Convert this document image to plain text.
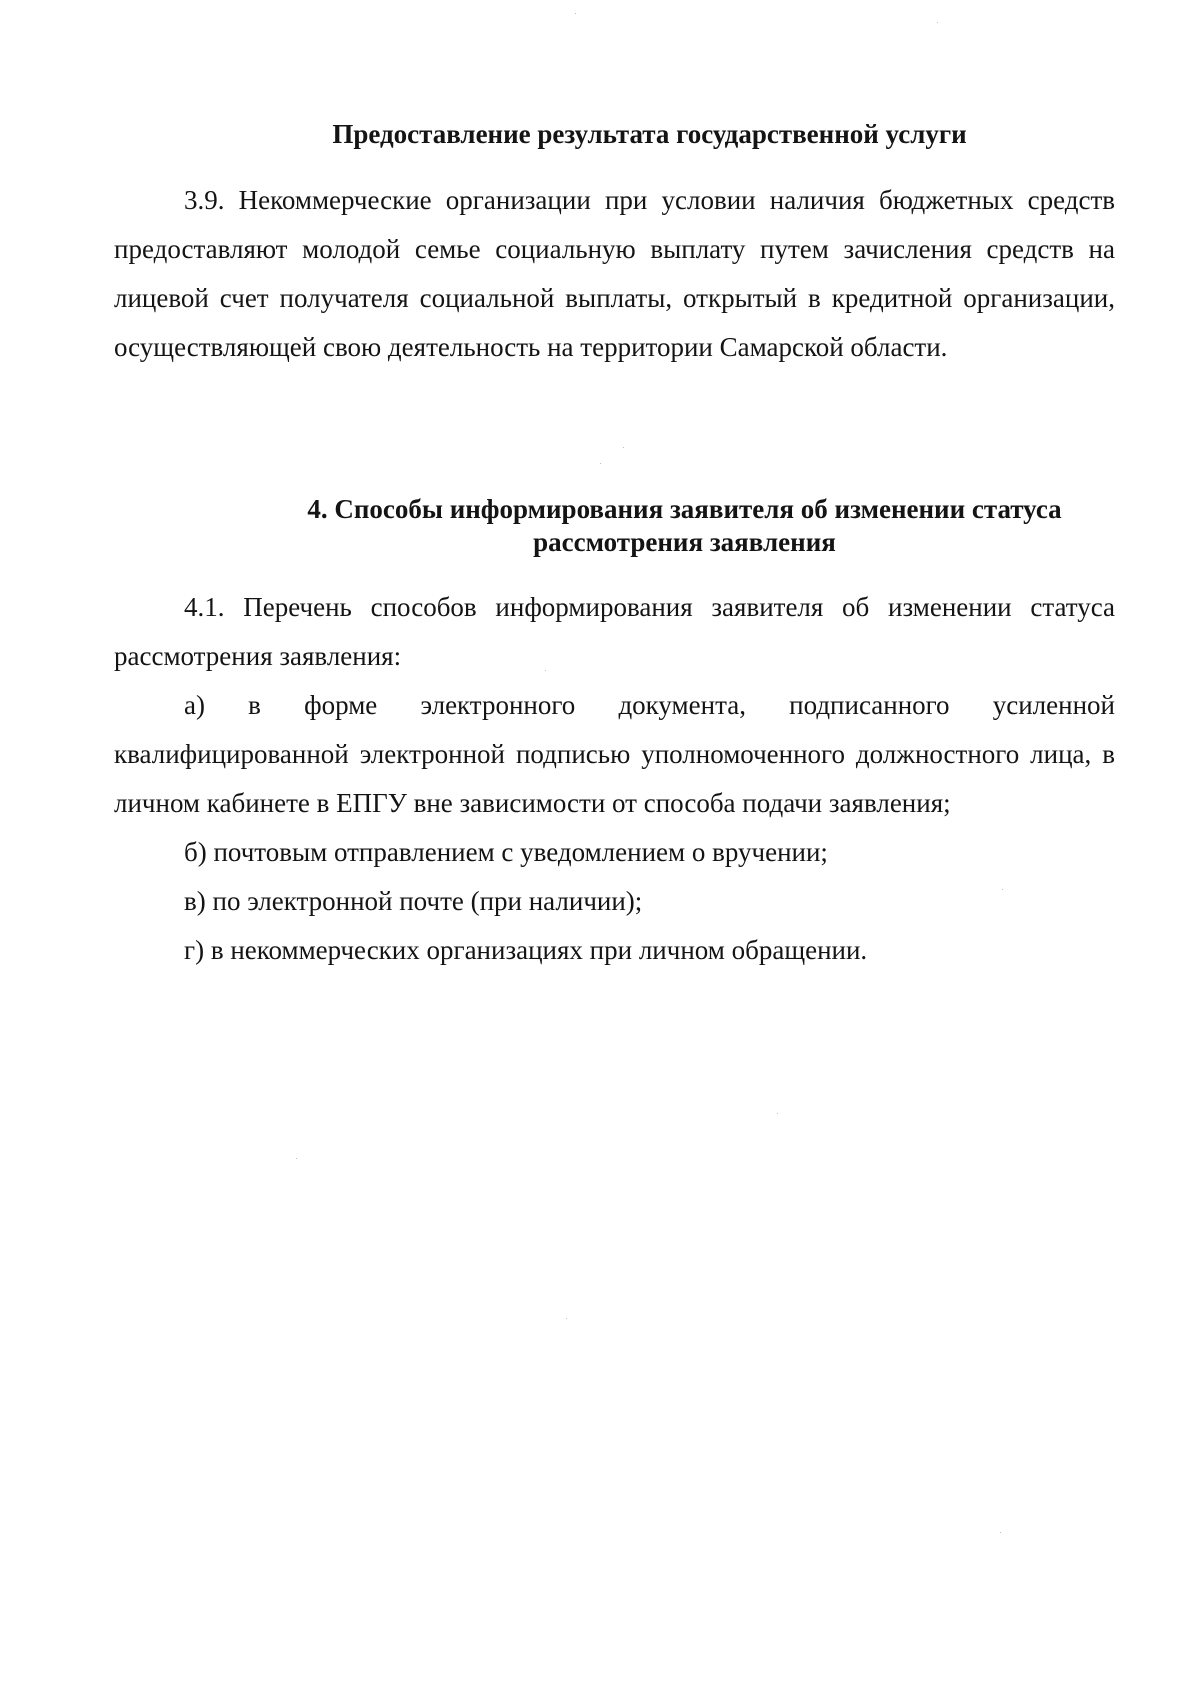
Предоставление результата государственной услуги

3.9. Некоммерческие организации при условии наличия бюджетных средств предоставляют молодой семье социальную выплату путем зачисления средств на лицевой счет получателя социальной выплаты, открытый в кредитной организации, осуществляющей свою деятельность на территории Самарской области.

4. Способы информирования заявителя об изменении статуса
рассмотрения заявления

4.1. Перечень способов информирования заявителя об изменении статуса рассмотрения заявления:

а) в форме электронного документа, подписанного усиленной квалифицированной электронной подписью уполномоченного должностного лица, в личном кабинете в ЕПГУ вне зависимости от способа подачи заявления;

б) почтовым отправлением с уведомлением о вручении;

в) по электронной почте (при наличии);

г) в некоммерческих организациях при личном обращении.
